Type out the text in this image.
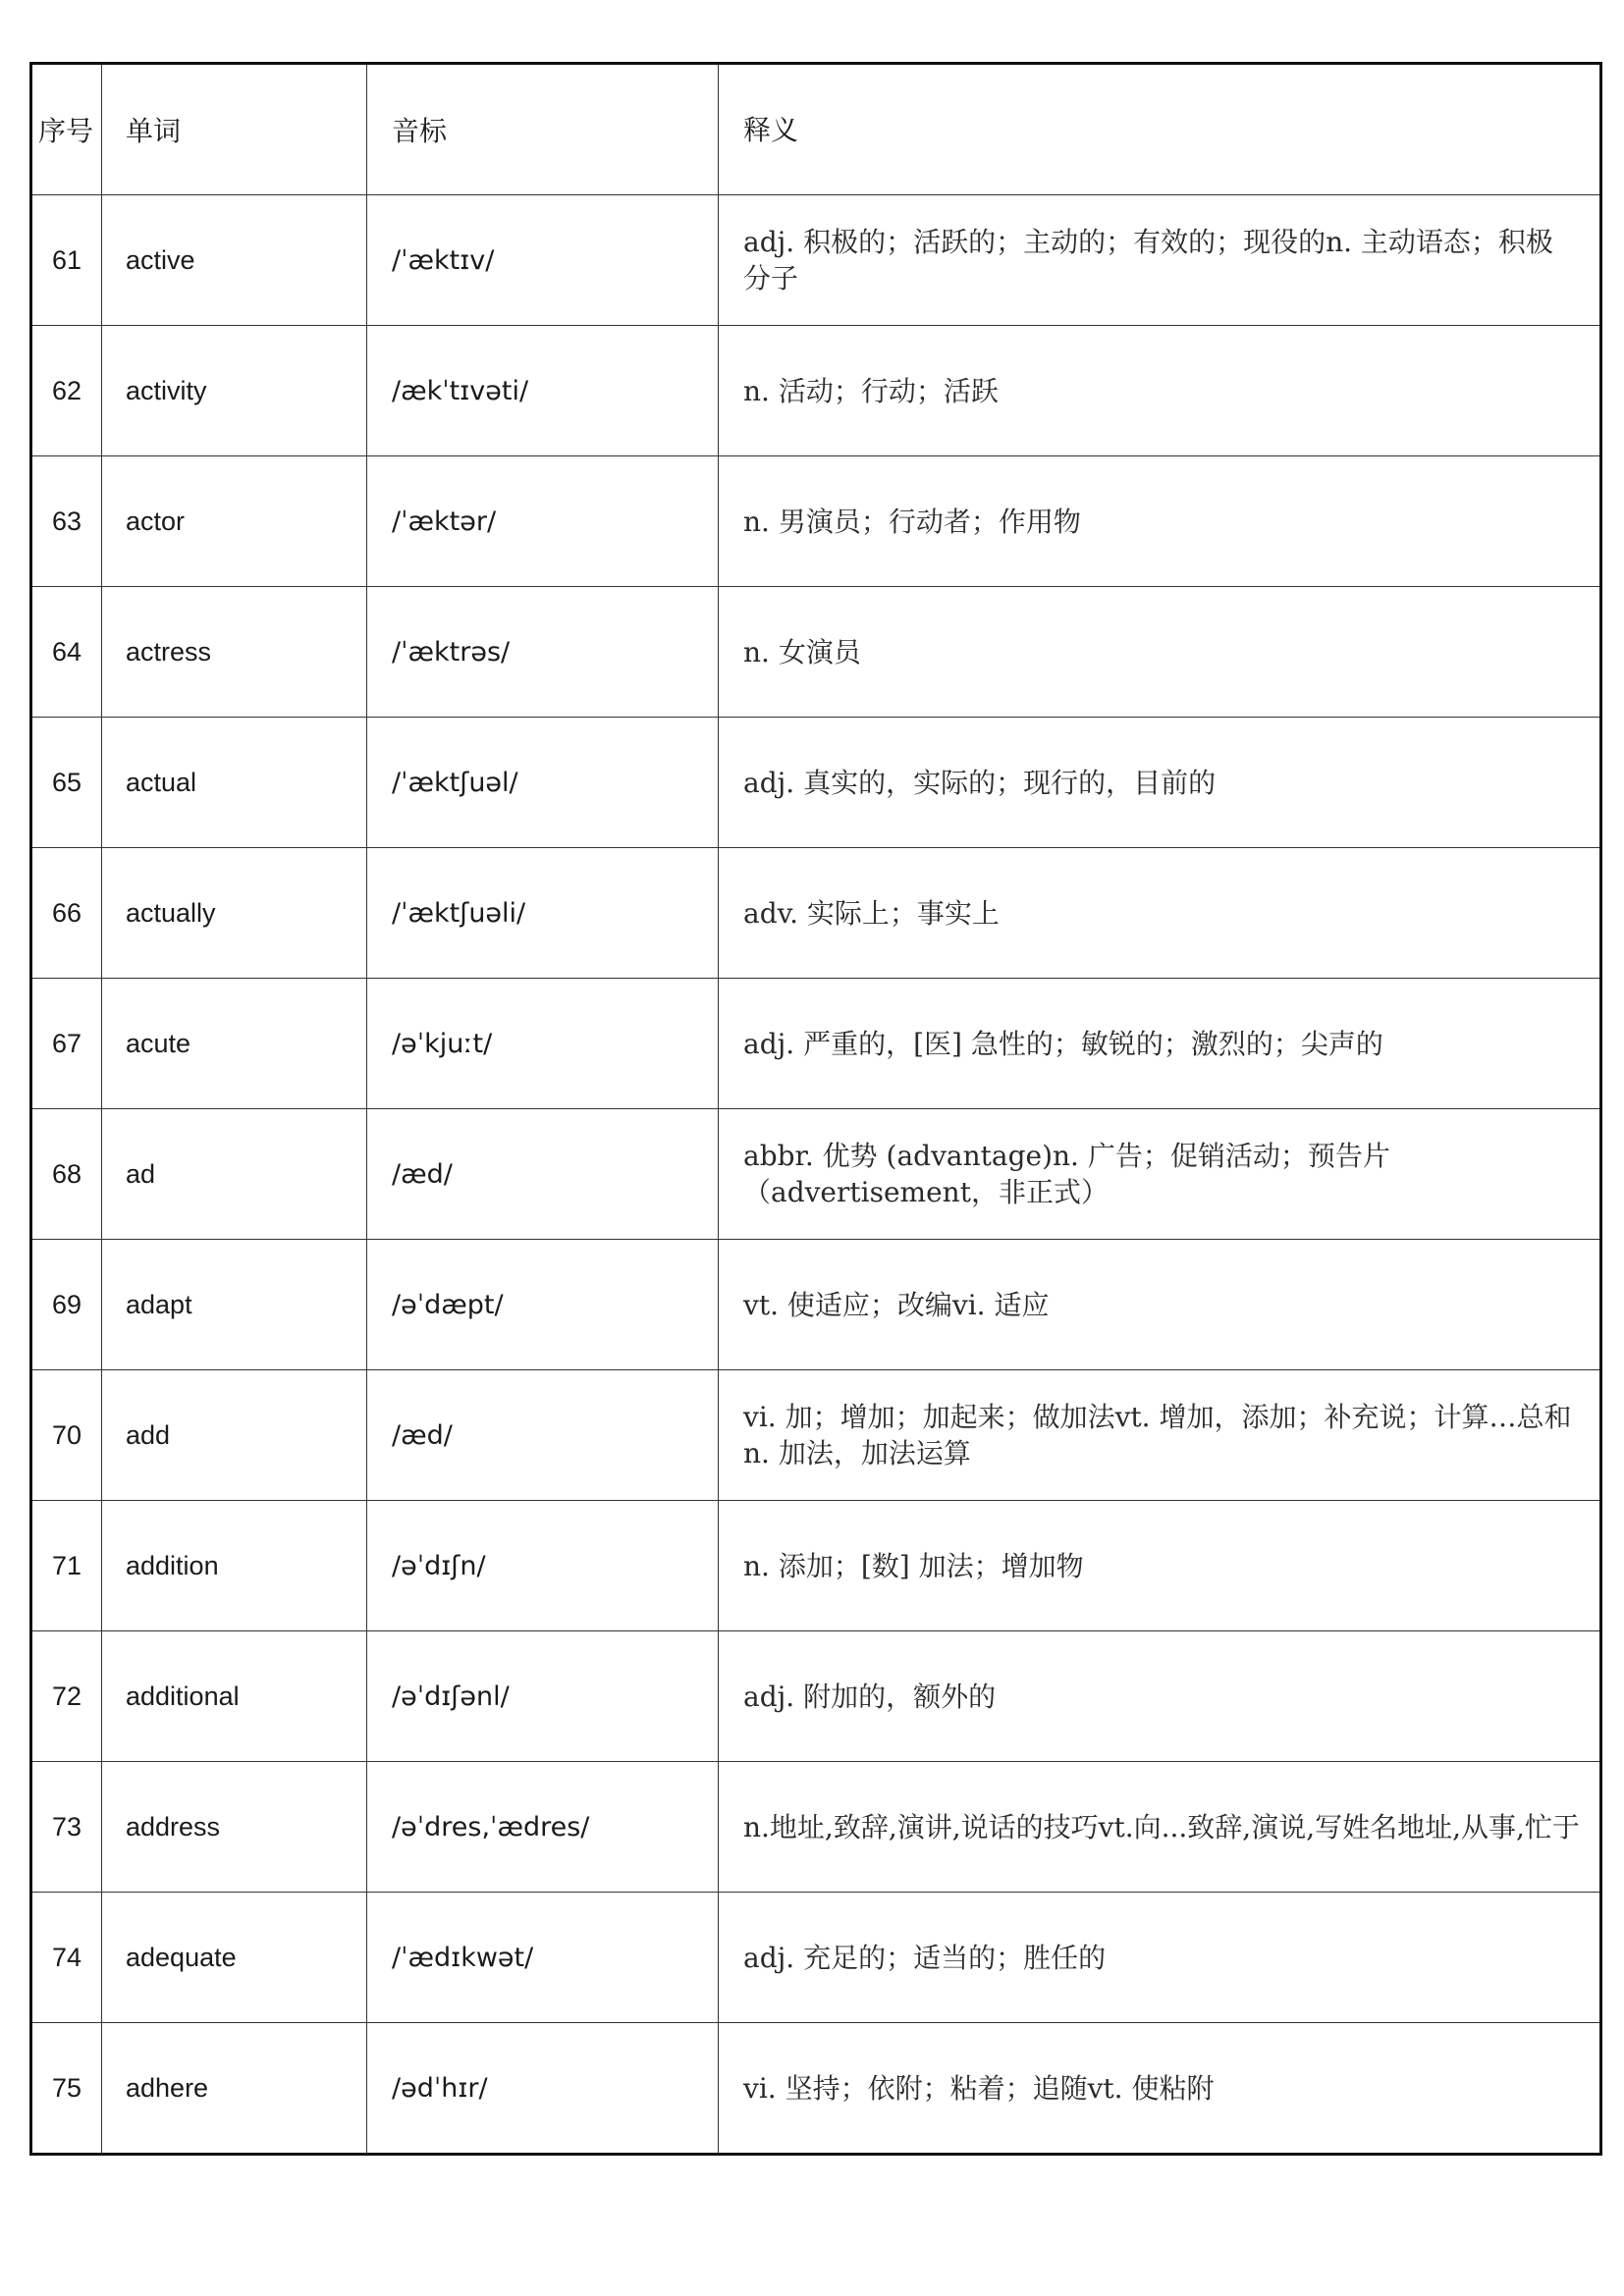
序号	单词	音标	释义
61	active	/ˈæktɪv/	adj. 积极的；活跃的；主动的；有效的；现役的n. 主动语态；积极分子
62	activity	/ækˈtɪvəti/	n. 活动；行动；活跃
63	actor	/ˈæktər/	n. 男演员；行动者；作用物
64	actress	/ˈæktrəs/	n. 女演员
65	actual	/ˈæktʃuəl/	adj. 真实的，实际的；现行的，目前的
66	actually	/ˈæktʃuəli/	adv. 实际上；事实上
67	acute	/əˈkjuːt/	adj. 严重的，[医] 急性的；敏锐的；激烈的；尖声的
68	ad	/æd/	abbr. 优势 (advantage)n. 广告；促销活动；预告片（advertisement，非正式）
69	adapt	/əˈdæpt/	vt. 使适应；改编vi. 适应
70	add	/æd/	vi. 加；增加；加起来；做加法vt. 增加，添加；补充说；计算…总和n. 加法，加法运算
71	addition	/əˈdɪʃn/	n. 添加；[数] 加法；增加物
72	additional	/əˈdɪʃənl/	adj. 附加的，额外的
73	address	/əˈdres,ˈædres/	n.地址,致辞,演讲,说话的技巧vt.向...致辞,演说,写姓名地址,从事,忙于
74	adequate	/ˈædɪkwət/	adj. 充足的；适当的；胜任的
75	adhere	/ədˈhɪr/	vi. 坚持；依附；粘着；追随vt. 使粘附
